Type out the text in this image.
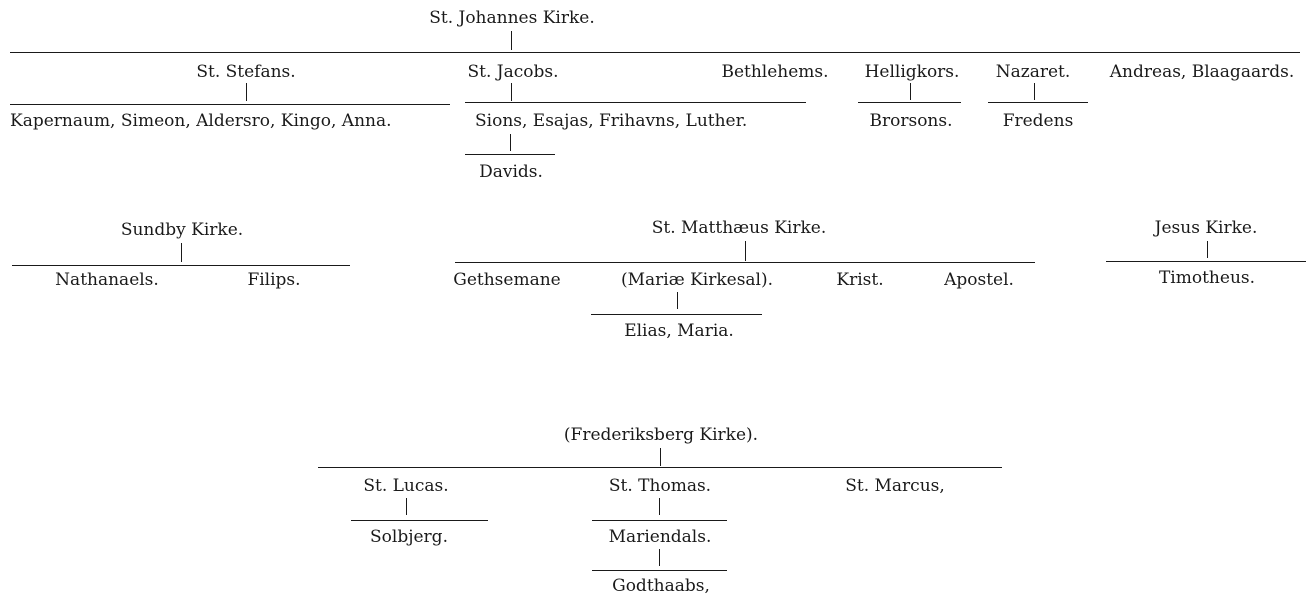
St. Johannes Kirke.
St. Stefans.
Kapernaum, Simeon, Aldersro, Kingo, Anna.
St. Jacobs.
Sions, Esajas, Frihavns, Luther.
Davids.
Bethlehems. Helligkors.
Brorsons.
Nazaret.
Fredens
Andreas, Blaagaards.
Sundby Kirke.
Nathanaels.	Filips.
St. Matthæus Kirke.
Gethsemane	(Mariæ Kirkesal).
Elias, Maria.
Krist.	Apostel.
Jesus Kirke.
Timotheus.
(Frederiksberg Kirke).
St. Lucas.
Solbjerg.
St. Thomas.
Mariendals.
Godthaabs,
St. Marcus,
